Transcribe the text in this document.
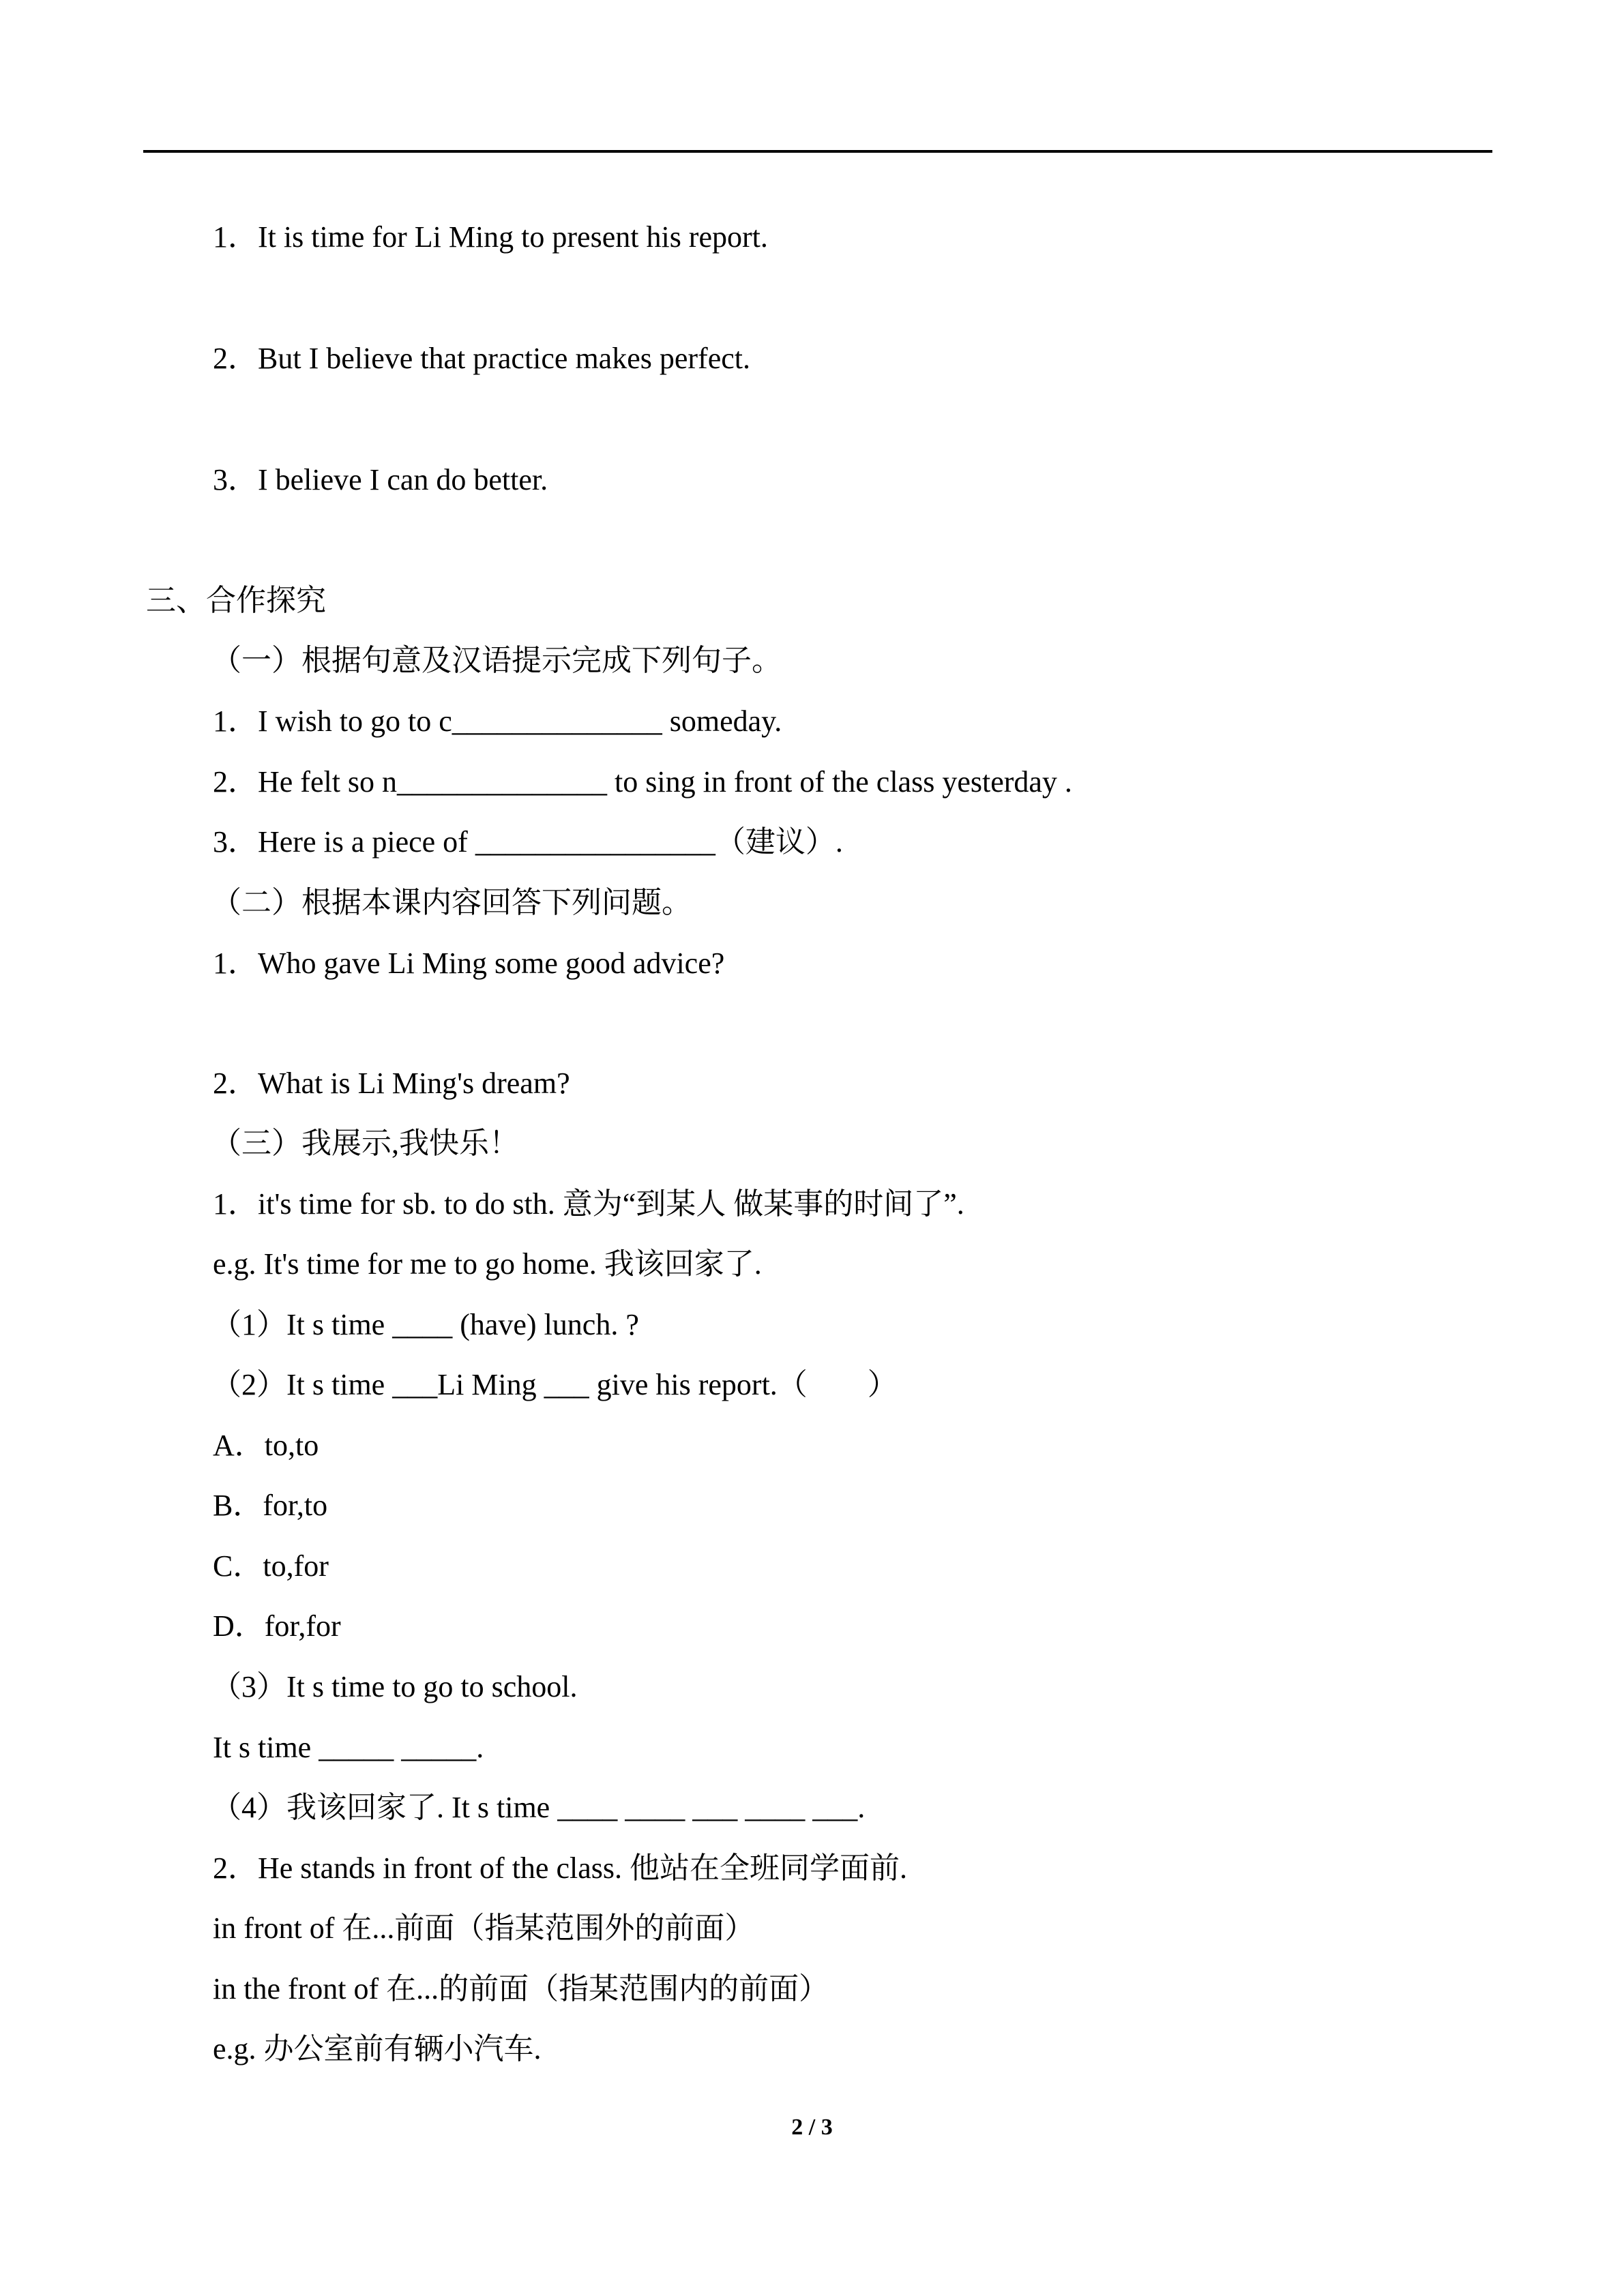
1．It is time for Li Ming to present his report.
2．But I believe that practice makes perfect.
3．I believe I can do better.
三、合作探究
（一）根据句意及汉语提示完成下列句子。
1．I wish to go to c______________ someday.
2．He felt so n______________ to sing in front of the class yesterday .
3．Here is a piece of ________________（建议）.
（二）根据本课内容回答下列问题。
1．Who gave Li Ming some good advice?
2．What is Li Ming's dream?
（三）我展示,我快乐！
1．it's time for sb. to do sth. 意为“到某人 做某事的时间了”.
e.g. It's time for me to go home. 我该回家了.
（1）It s time ____ (have) lunch. ?
（2）It s time ___Li Ming ___ give his report.（　　）
A．to,to
B．for,to
C．to,for
D．for,for
（3）It s time to go to school.
It s time _____ _____.
（4）我该回家了. It s time ____ ____ ___ ____ ___.
2．He stands in front of the class. 他站在全班同学面前.
in front of 在...前面（指某范围外的前面）
in the front of 在...的前面（指某范围内的前面）
e.g. 办公室前有辆小汽车.
2 / 3
